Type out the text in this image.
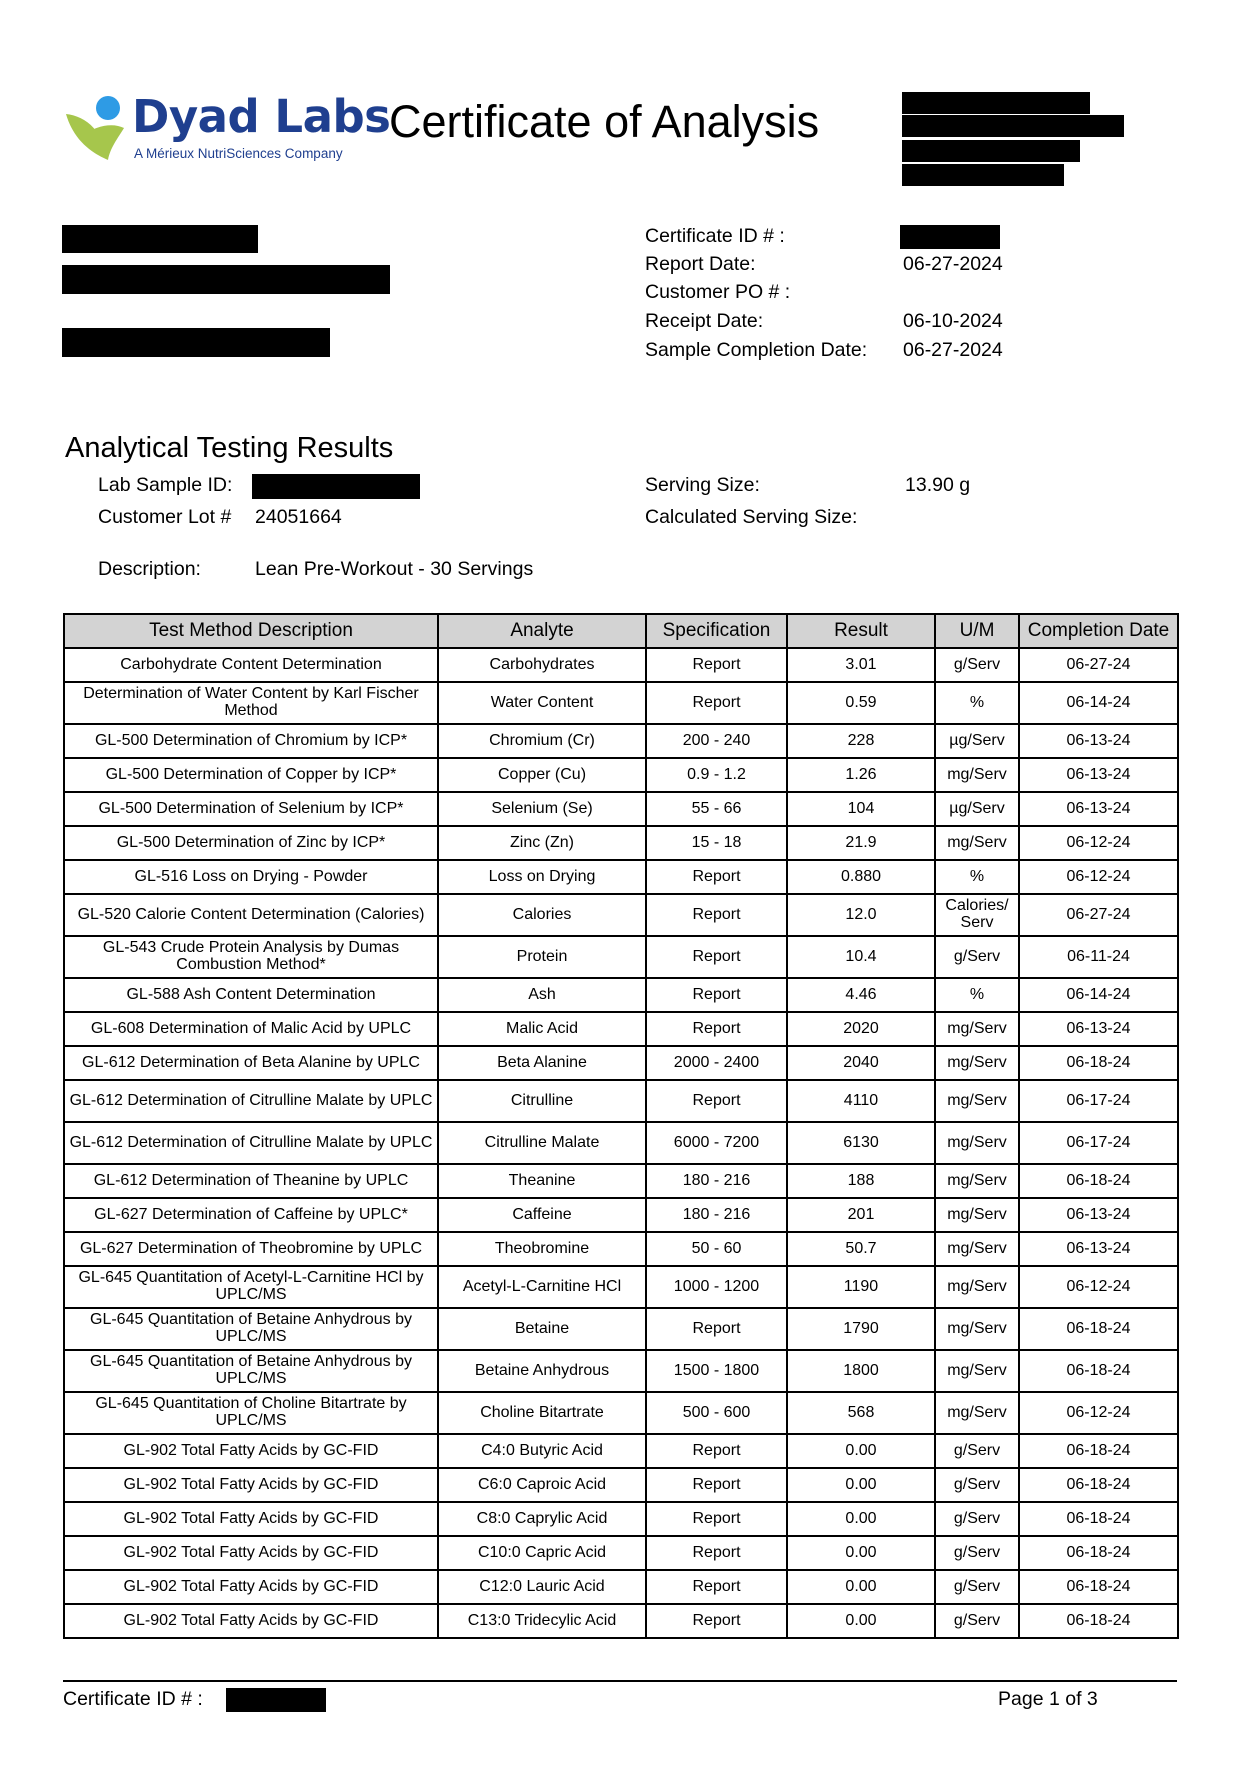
Dyad Labs
A Mérieux NutriSciences Company
Certificate of Analysis
Certificate ID # :
Report Date:	06-27-2024
Customer PO # :
Receipt Date:	06-10-2024
Sample Completion Date: 06-27-2024
Analytical Testing Results
Lab Sample ID:
Customer Lot # 24051664
Serving Size:	13.90 g
Calculated Serving Size:
Description:	Lean Pre-Workout - 30 Servings
Test Method Description	Analyte	Specification	Result	U/M	Completion Date
Carbohydrate Content Determination	Carbohydrates	Report	3.01	g/Serv	06-27-24
Determination of Water Content by Karl Fischer Method	Water Content	Report	0.59	%	06-14-24
GL-500 Determination of Chromium by ICP*	Chromium (Cr)	200 - 240	228	µg/Serv	06-13-24
GL-500 Determination of Copper by ICP*	Copper (Cu)	0.9 - 1.2	1.26	mg/Serv	06-13-24
GL-500 Determination of Selenium by ICP*	Selenium (Se)	55 - 66	104	µg/Serv	06-13-24
GL-500 Determination of Zinc by ICP*	Zinc (Zn)	15 - 18	21.9	mg/Serv	06-12-24
GL-516 Loss on Drying - Powder	Loss on Drying	Report	0.880	%	06-12-24
GL-520 Calorie Content Determination (Calories)	Calories	Report	12.0	Calories/ Serv	06-27-24
GL-543 Crude Protein Analysis by Dumas Combustion Method*	Protein	Report	10.4	g/Serv	06-11-24
GL-588 Ash Content Determination	Ash	Report	4.46	%	06-14-24
GL-608 Determination of Malic Acid by UPLC	Malic Acid	Report	2020	mg/Serv	06-13-24
GL-612 Determination of Beta Alanine by UPLC	Beta Alanine	2000 - 2400	2040	mg/Serv	06-18-24
GL-612 Determination of Citrulline Malate by UPLC	Citrulline	Report	4110	mg/Serv	06-17-24
GL-612 Determination of Citrulline Malate by UPLC	Citrulline Malate	6000 - 7200	6130	mg/Serv	06-17-24
GL-612 Determination of Theanine by UPLC	Theanine	180 - 216	188	mg/Serv	06-18-24
GL-627 Determination of Caffeine by UPLC*	Caffeine	180 - 216	201	mg/Serv	06-13-24
GL-627 Determination of Theobromine by UPLC	Theobromine	50 - 60	50.7	mg/Serv	06-13-24
GL-645 Quantitation of Acetyl-L-Carnitine HCl by UPLC/MS	Acetyl-L-Carnitine HCl	1000 - 1200	1190	mg/Serv	06-12-24
GL-645 Quantitation of Betaine Anhydrous by UPLC/MS	Betaine	Report	1790	mg/Serv	06-18-24
GL-645 Quantitation of Betaine Anhydrous by UPLC/MS	Betaine Anhydrous	1500 - 1800	1800	mg/Serv	06-18-24
GL-645 Quantitation of Choline Bitartrate by UPLC/MS	Choline Bitartrate	500 - 600	568	mg/Serv	06-12-24
GL-902 Total Fatty Acids by GC-FID	C4:0 Butyric Acid	Report	0.00	g/Serv	06-18-24
GL-902 Total Fatty Acids by GC-FID	C6:0 Caproic Acid	Report	0.00	g/Serv	06-18-24
GL-902 Total Fatty Acids by GC-FID	C8:0 Caprylic Acid	Report	0.00	g/Serv	06-18-24
GL-902 Total Fatty Acids by GC-FID	C10:0 Capric Acid	Report	0.00	g/Serv	06-18-24
GL-902 Total Fatty Acids by GC-FID	C12:0 Lauric Acid	Report	0.00	g/Serv	06-18-24
GL-902 Total Fatty Acids by GC-FID	C13:0 Tridecylic Acid	Report	0.00	g/Serv	06-18-24
Certificate ID # :	Page 1 of 3
